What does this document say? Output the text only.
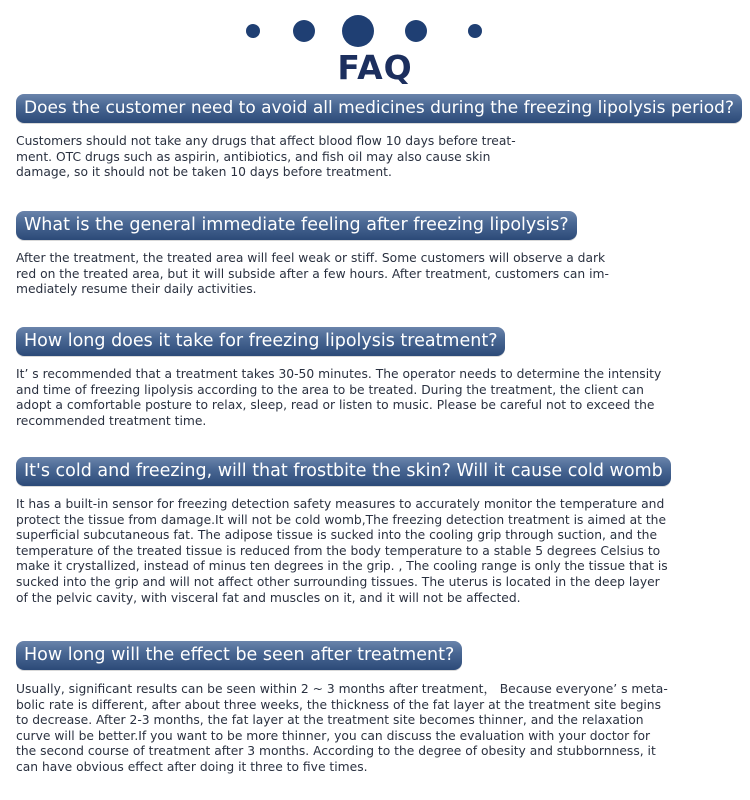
FAQ
Does the customer need to avoid all medicines during the freezing lipolysis period?
Customers should not take any drugs that affect blood flow 10 days before treat-
ment. OTC drugs such as aspirin, antibiotics, and fish oil may also cause skin
damage, so it should not be taken 10 days before treatment.
What is the general immediate feeling after freezing lipolysis?
After the treatment, the treated area will feel weak or stiff. Some customers will observe a dark
red on the treated area, but it will subside after a few hours. After treatment, customers can im-
mediately resume their daily activities.
How long does it take for freezing lipolysis treatment?
It’ s recommended that a treatment takes 30-50 minutes. The operator needs to determine the intensity
and time of freezing lipolysis according to the area to be treated. During the treatment, the client can
adopt a comfortable posture to relax, sleep, read or listen to music. Please be careful not to exceed the
recommended treatment time.
It's cold and freezing, will that frostbite the skin? Will it cause cold womb
It has a built-in sensor for freezing detection safety measures to accurately monitor the temperature and
protect the tissue from damage.It will not be cold womb,The freezing detection treatment is aimed at the
superficial subcutaneous fat. The adipose tissue is sucked into the cooling grip through suction, and the
temperature of the treated tissue is reduced from the body temperature to a stable 5 degrees Celsius to
make it crystallized, instead of minus ten degrees in the grip. , The cooling range is only the tissue that is
sucked into the grip and will not affect other surrounding tissues. The uterus is located in the deep layer
of the pelvic cavity, with visceral fat and muscles on it, and it will not be affected.
How long will the effect be seen after treatment?
Usually, significant results can be seen within 2 ~ 3 months after treatment， Because everyone’ s meta-
bolic rate is different, after about three weeks, the thickness of the fat layer at the treatment site begins
to decrease. After 2-3 months, the fat layer at the treatment site becomes thinner, and the relaxation
curve will be better.If you want to be more thinner, you can discuss the evaluation with your doctor for
the second course of treatment after 3 months. According to the degree of obesity and stubbornness, it
can have obvious effect after doing it three to five times.
